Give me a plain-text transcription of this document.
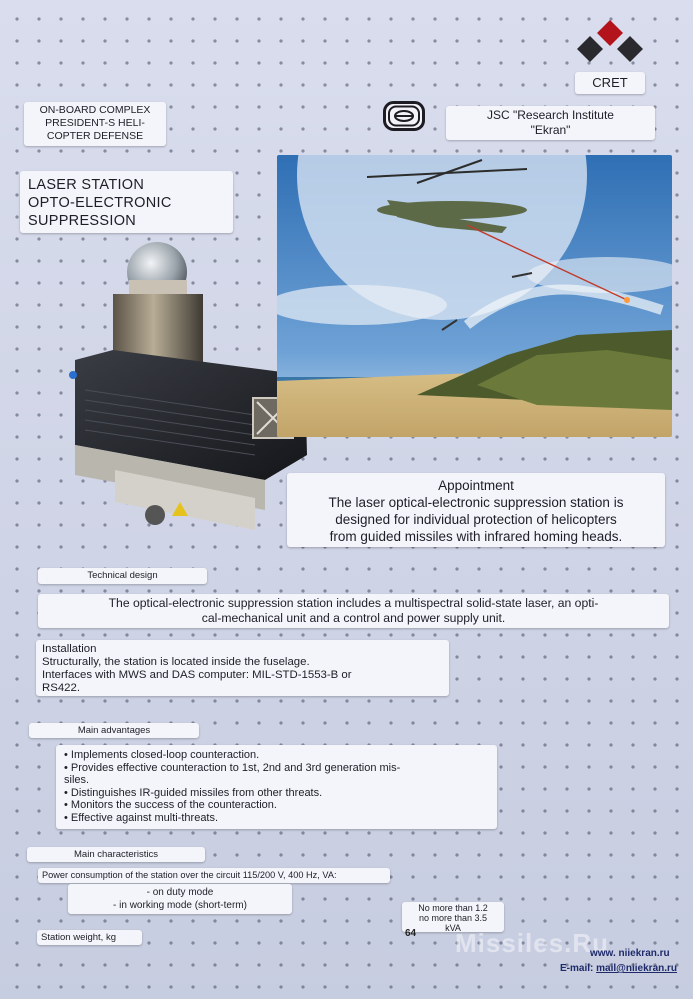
CRET
ON-BOARD COMPLEX
PRESIDENT-S HELI-
COPTER DEFENSE
JSC "Research Institute
"Ekran"
LASER STATION
OPTO-ELECTRONIC
SUPPRESSION
Appointment
The laser optical-electronic suppression station is
designed for individual protection of helicopters
from guided missiles with infrared homing heads.
Technical design
The optical-electronic suppression station includes a multispectral solid-state laser, an opti-
cal-mechanical unit and a control and power supply unit.
Installation
Structurally, the station is located inside the fuselage.
Interfaces with MWS and DAS computer: MIL-STD-1553-B or
RS422.
Main advantages
• Implements closed-loop counteraction.
• Provides effective counteraction to 1st, 2nd and 3rd generation mis-
siles.
• Distinguishes IR-guided missiles from other threats.
• Monitors the success of the counteraction.
• Effective against multi-threats.
Main characteristics
Power consumption of the station over the circuit 115/200 V, 400 Hz, VA:
- on duty mode
- in working mode (short-term)	No more than 1.2
no more than 3.5
kVA
64
Station weight, kg	Missiles.Ru
www. niiekran.ru
E-mail: mail@niiekran.ru
